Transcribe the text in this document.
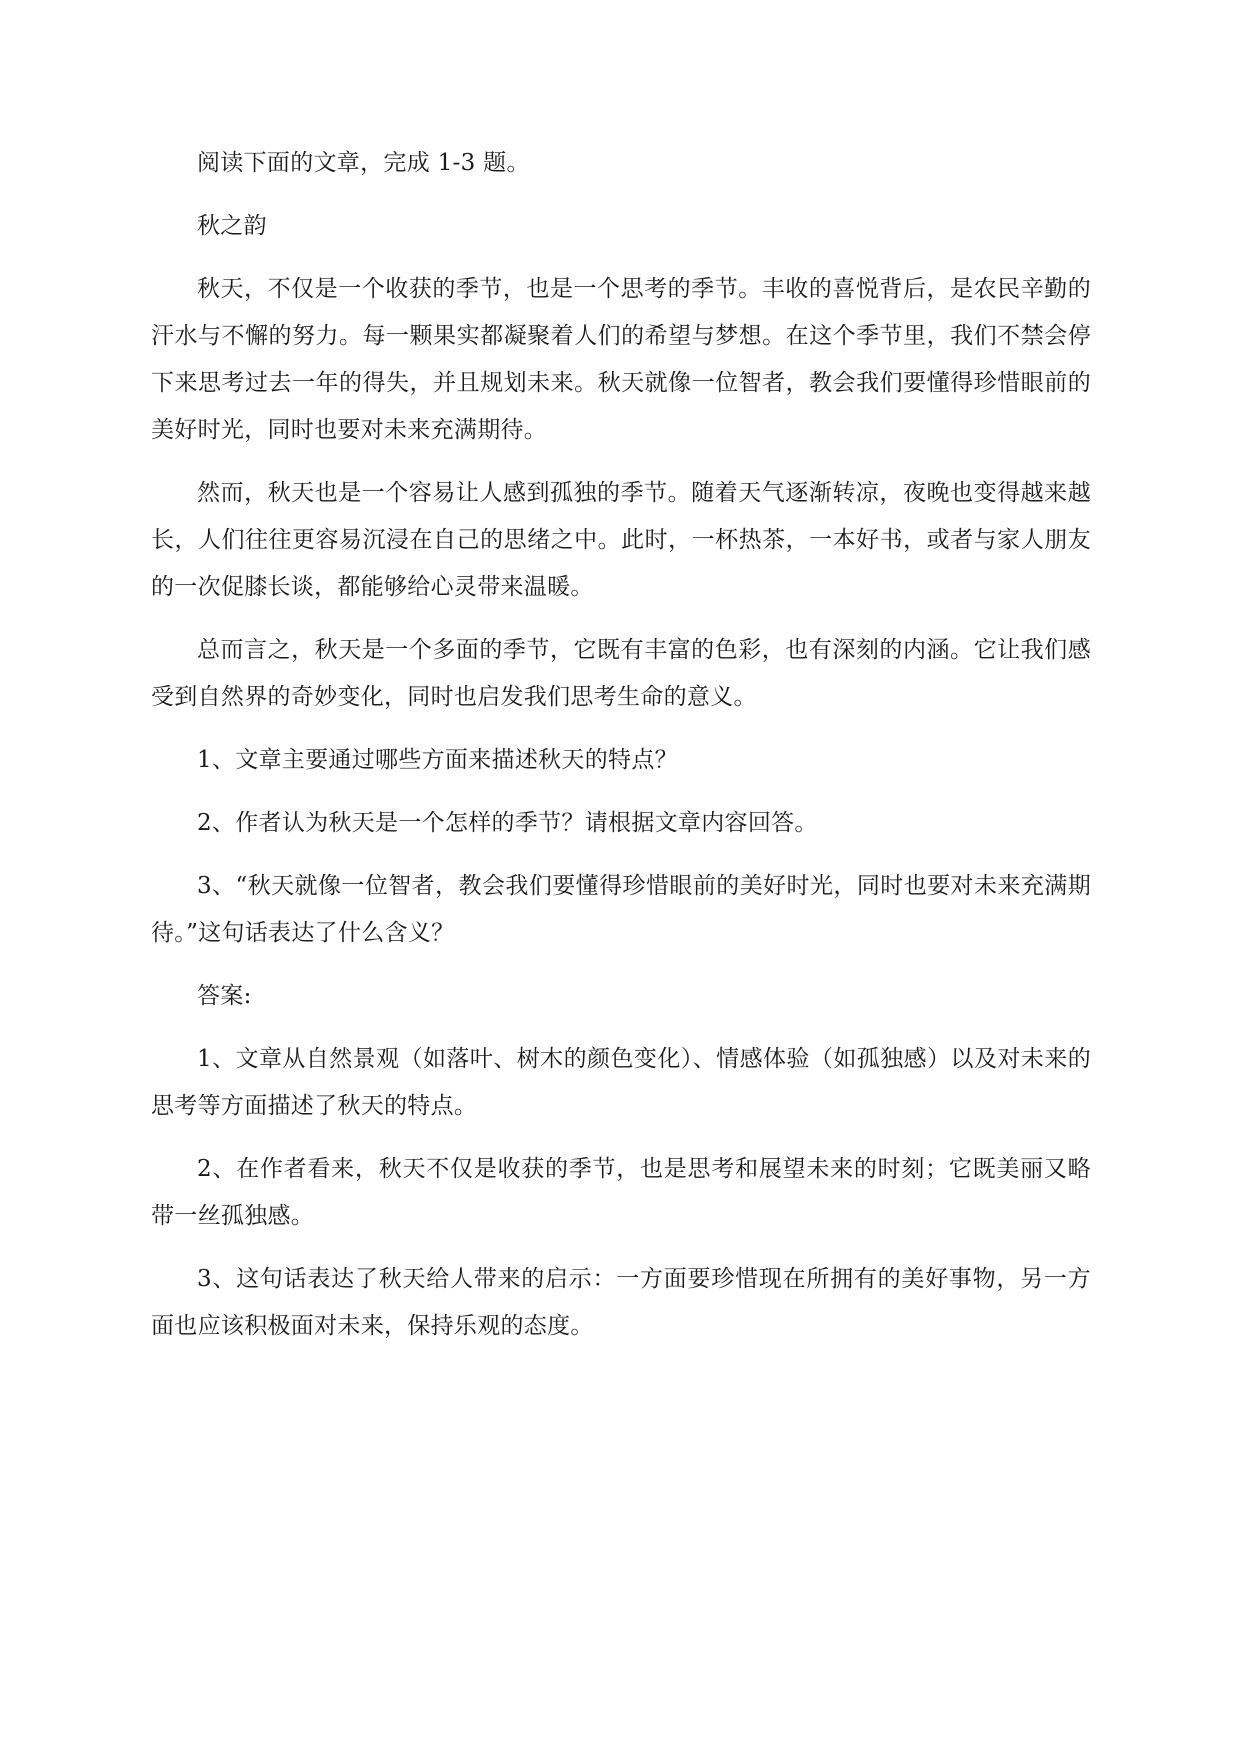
阅读下面的文章，完成 1-3 题。

秋之韵

秋天，不仅是一个收获的季节，也是一个思考的季节。丰收的喜悦背后，是农民辛勤的汗水与不懈的努力。每一颗果实都凝聚着人们的希望与梦想。在这个季节里，我们不禁会停下来思考过去一年的得失，并且规划未来。秋天就像一位智者，教会我们要懂得珍惜眼前的美好时光，同时也要对未来充满期待。

然而，秋天也是一个容易让人感到孤独的季节。随着天气逐渐转凉，夜晚也变得越来越长，人们往往更容易沉浸在自己的思绪之中。此时，一杯热茶，一本好书，或者与家人朋友的一次促膝长谈，都能够给心灵带来温暖。

总而言之，秋天是一个多面的季节，它既有丰富的色彩，也有深刻的内涵。它让我们感受到自然界的奇妙变化，同时也启发我们思考生命的意义。

1、文章主要通过哪些方面来描述秋天的特点？

2、作者认为秋天是一个怎样的季节？请根据文章内容回答。

3、“秋天就像一位智者，教会我们要懂得珍惜眼前的美好时光，同时也要对未来充满期待。”这句话表达了什么含义？

答案:

1、文章从自然景观（如落叶、树木的颜色变化）、情感体验（如孤独感）以及对未来的思考等方面描述了秋天的特点。

2、在作者看来，秋天不仅是收获的季节，也是思考和展望未来的时刻；它既美丽又略带一丝孤独感。

3、这句话表达了秋天给人带来的启示：一方面要珍惜现在所拥有的美好事物，另一方面也应该积极面对未来，保持乐观的态度。
